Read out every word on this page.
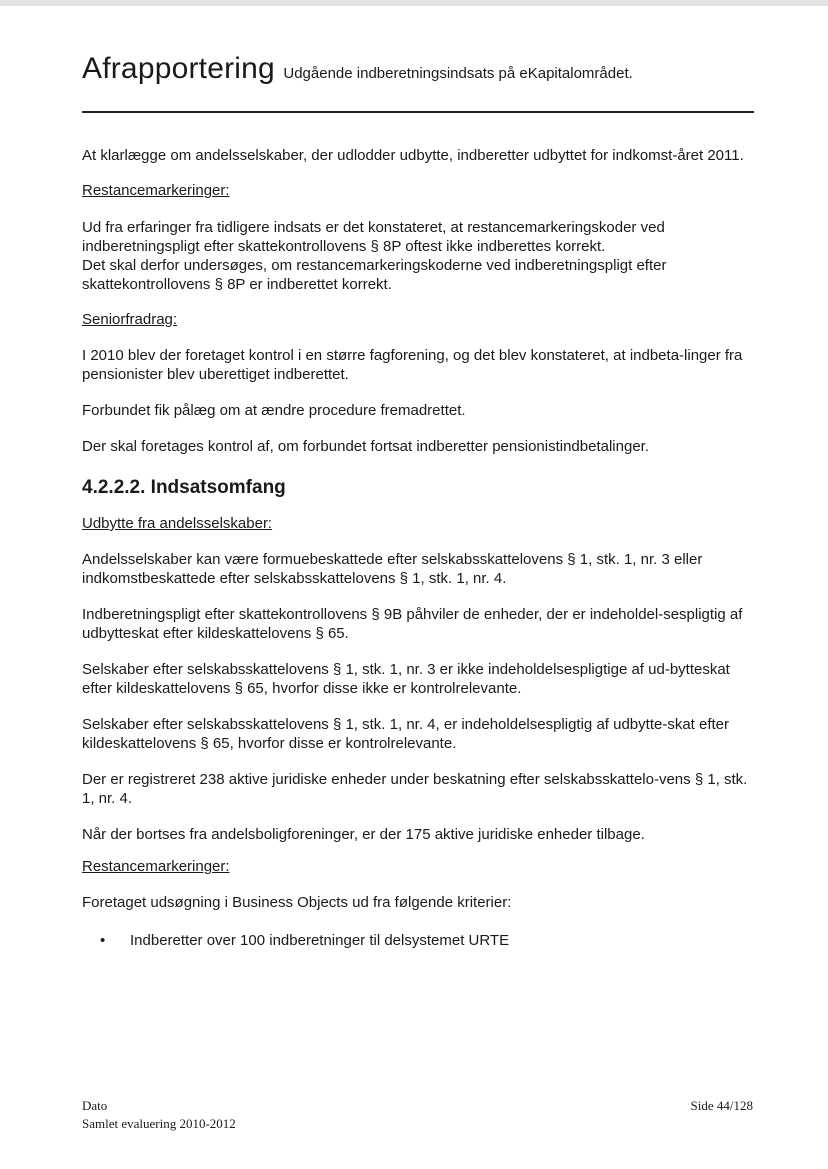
Afrapportering Udgående indberetningsindsats på eKapitalområdet.

At klarlægge om andelsselskaber, der udlodder udbytte, indberetter udbyttet for indkomst-året 2011.

Restancemarkeringer:

Ud fra erfaringer fra tidligere indsats er det konstateret, at restancemarkeringskoder ved indberetningspligt efter skattekontrollovens § 8P oftest ikke indberettes korrekt.

Det skal derfor undersøges, om restancemarkeringskoderne ved indberetningspligt efter skattekontrollovens § 8P er indberettet korrekt.

Seniorfradrag:

I 2010 blev der foretaget kontrol i en større fagforening, og det blev konstateret, at indbeta-linger fra pensionister blev uberettiget indberettet.

Forbundet fik pålæg om at ændre procedure fremadrettet.

Der skal foretages kontrol af, om forbundet fortsat indberetter pensionistindbetalinger.

4.2.2.2. Indsatsomfang

Udbytte fra andelsselskaber:

Andelsselskaber kan være formuebeskattede efter selskabsskattelovens § 1, stk. 1, nr. 3 eller indkomstbeskattede efter selskabsskattelovens § 1, stk. 1, nr. 4.

Indberetningspligt efter skattekontrollovens § 9B påhviler de enheder, der er indeholdel-sespligtig af udbytteskat efter kildeskattelovens § 65.

Selskaber efter selskabsskattelovens § 1, stk. 1, nr. 3 er ikke indeholdelsespligtige af ud-bytteskat efter kildeskattelovens § 65, hvorfor disse ikke er kontrolrelevante.

Selskaber efter selskabsskattelovens § 1, stk. 1, nr. 4, er indeholdelsespligtig af udbytte-skat efter kildeskattelovens § 65, hvorfor disse er kontrolrelevante.

Der er registreret 238 aktive juridiske enheder under beskatning efter selskabsskattelo-vens § 1, stk. 1, nr. 4.

Når der bortses fra andelsboligforeninger, er der 175 aktive juridiske enheder tilbage.

Restancemarkeringer:

Foretaget udsøgning i Business Objects ud fra følgende kriterier:

• Indberetter over 100 indberetninger til delsystemet URTE

Dato
Samlet evaluering 2010-2012
Side 44/128
